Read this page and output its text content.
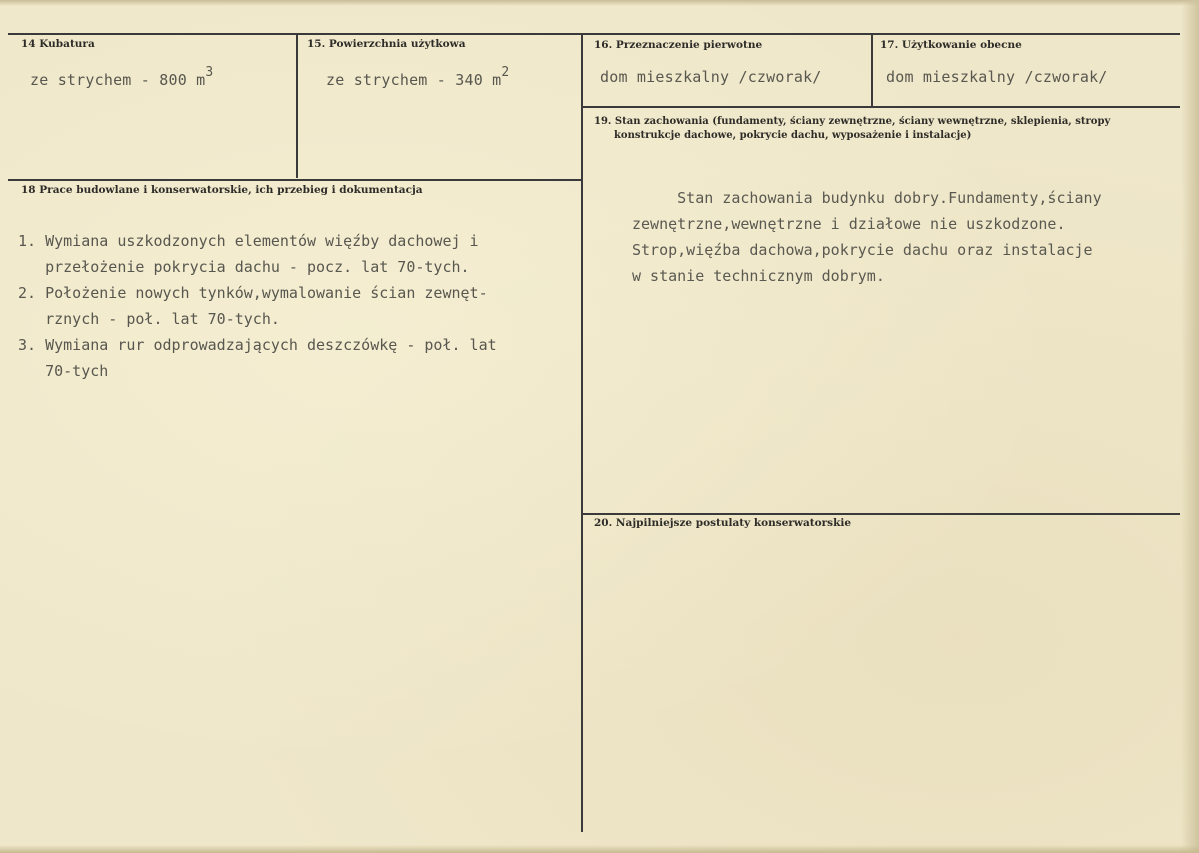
14 Kubatura
ze strychem - 800 $m^3$
15. Powierzchnia użytkowa
ze strychem - 340 $m^2$
16. Przeznaczenie pierwotne
dom mieszkalny /czworak/
17. Użytkowanie obecne
dom mieszkalny /czworak/
18 Prace budowlane i konserwatorskie, ich przebieg i dokumentacja
1. Wymiana uszkodzonych elementów więźby dachowej i
przełożenie pokrycia dachu - pocz. lat 70-tych.
2. Położenie nowych tynków,wymalowanie ścian zewnęt-
rznych - poł. lat 70-tych.
3. Wymiana rur odprowadzających deszczówkę - poł. lat
70-tych
19. Stan zachowania (fundamenty, ściany zewnętrzne, ściany wewnętrzne, sklepienia, stropy
konstrukcje dachowe, pokrycie dachu, wyposażenie i instalacje)
Stan zachowania budynku dobry.Fundamenty,ściany
zewnętrzne,wewnętrzne i działowe nie uszkodzone.
Strop,więźba dachowa,pokrycie dachu oraz instalacje
w stanie technicznym dobrym.
20. Najpilniejsze postulaty konserwatorskie
